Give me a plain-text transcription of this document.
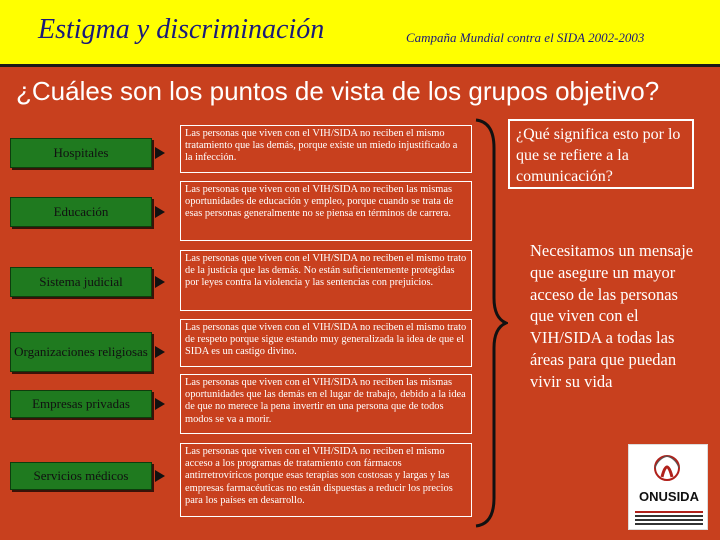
Estigma y discriminación	Campaña Mundial contra el SIDA 2002-2003
¿Cuáles son los puntos de vista de los grupos objetivo?
Hospitales
Las personas que viven con el VIH/SIDA no reciben el mismo tratamiento que las demás, porque existe un miedo injustificado a la infección.
Educación
Las personas que viven con el VIH/SIDA no reciben las mismas oportunidades de educación y empleo, porque cuando se trata de esas personas generalmente no se piensa en términos de carrera.
Sistema judicial
Las personas que viven con el VIH/SIDA no reciben el mismo trato de la justicia que las demás. No están suficientemente protegidas por leyes contra la violencia y las sentencias con prejuicios.
Organizaciones religiosas
Las personas que viven con el VIH/SIDA no reciben el mismo trato de respeto porque sigue estando muy generalizada la idea de que el SIDA es un castigo divino.
Empresas privadas
Las personas que viven con el VIH/SIDA no reciben las mismas oportunidades que las demás en el lugar de trabajo, debido a la idea de que no merece la pena invertir en una persona que de todos modos se va a morir.
Servicios médicos
Las personas que viven con el VIH/SIDA no reciben el mismo acceso a los programas de tratamiento con fármacos antirretrovíricos porque esas terapias son costosas y largas y las empresas farmacéuticas no están dispuestas a reducir los precios para los países en desarrollo.
¿Qué significa esto por lo que se refiere a la comunicación?
Necesitamos un mensaje que asegure un mayor acceso de las personas que viven con el VIH/SIDA a todas las áreas para que puedan vivir su vida
ONUSIDA
